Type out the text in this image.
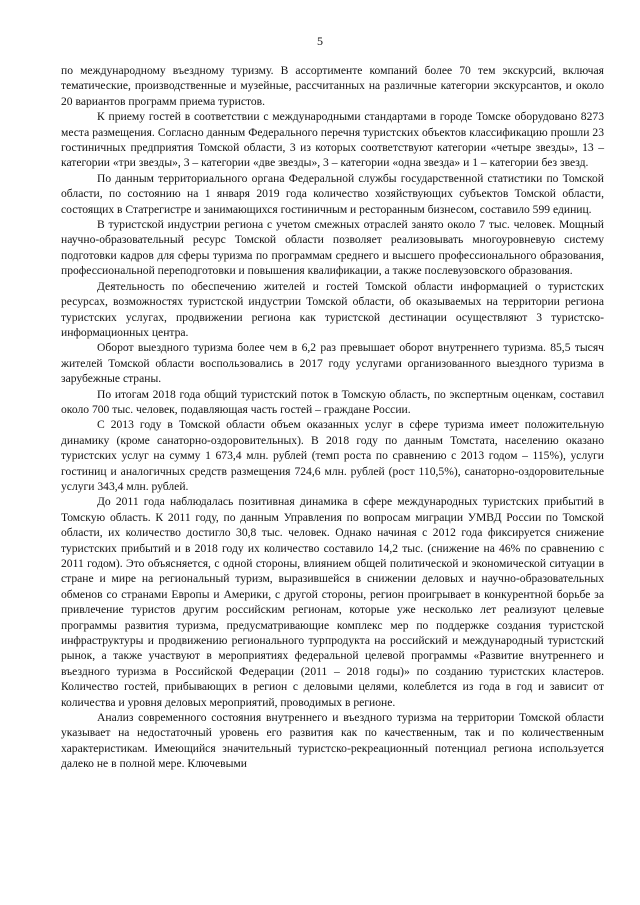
5

по международному въездному туризму. В ассортименте компаний более 70 тем экскурсий, включая тематические, производственные и музейные, рассчитанных на различные категории экскурсантов, и около 20 вариантов программ приема туристов.

К приему гостей в соответствии с международными стандартами в городе Томске оборудовано 8273 места размещения. Согласно данным Федерального перечня туристских объектов классификацию прошли 23 гостиничных предприятия Томской области, 3 из которых соответствуют категории «четыре звезды», 13 – категории «три звезды», 3 – категории «две звезды», 3 – категории «одна звезда» и 1 – категории без звезд.

По данным территориального органа Федеральной службы государственной статистики по Томской области, по состоянию на 1 января 2019 года количество хозяйствующих субъектов Томской области, состоящих в Статрегистре и занимающихся гостиничным и ресторанным бизнесом, составило 599 единиц.

В туристской индустрии региона с учетом смежных отраслей занято около 7 тыс. человек. Мощный научно-образовательный ресурс Томской области позволяет реализовывать многоуровневую систему подготовки кадров для сферы туризма по программам среднего и высшего профессионального образования, профессиональной переподготовки и повышения квалификации, а также послевузовского образования.

Деятельность по обеспечению жителей и гостей Томской области информацией о туристских ресурсах, возможностях туристской индустрии Томской области, об оказываемых на территории региона туристских услугах, продвижении региона как туристской дестинации осуществляют 3 туристско-информационных центра.

Оборот выездного туризма более чем в 6,2 раз превышает оборот внутреннего туризма. 85,5 тысяч жителей Томской области воспользовались в 2017 году услугами организованного выездного туризма в зарубежные страны.

По итогам 2018 года общий туристский поток в Томскую область, по экспертным оценкам, составил около 700 тыс. человек, подавляющая часть гостей – граждане России.

С 2013 году в Томской области объем оказанных услуг в сфере туризма имеет положительную динамику (кроме санаторно-оздоровительных). В 2018 году по данным Томстата, населению оказано туристских услуг на сумму 1 673,4 млн. рублей (темп роста по сравнению с 2013 годом – 115%), услуги гостиниц и аналогичных средств размещения 724,6 млн. рублей (рост 110,5%), санаторно-оздоровительные услуги 343,4 млн. рублей.

До 2011 года наблюдалась позитивная динамика в сфере международных туристских прибытий в Томскую область. К 2011 году, по данным Управления по вопросам миграции УМВД России по Томской области, их количество достигло 30,8 тыс. человек. Однако начиная с 2012 года фиксируется снижение туристских прибытий и в 2018 году их количество составило 14,2 тыс. (снижение на 46% по сравнению с 2011 годом). Это объясняется, с одной стороны, влиянием общей политической и экономической ситуации в стране и мире на региональный туризм, выразившейся в снижении деловых и научно-образовательных обменов со странами Европы и Америки, с другой стороны, регион проигрывает в конкурентной борьбе за привлечение туристов другим российским регионам, которые уже несколько лет реализуют целевые программы развития туризма, предусматривающие комплекс мер по поддержке создания туристской инфраструктуры и продвижению регионального турпродукта на российский и международный туристский рынок, а также участвуют в мероприятиях федеральной целевой программы «Развитие внутреннего и въездного туризма в Российской Федерации (2011 – 2018 годы)» по созданию туристских кластеров. Количество гостей, прибывающих в регион с деловыми целями, колеблется из года в год и зависит от количества и уровня деловых мероприятий, проводимых в регионе.

Анализ современного состояния внутреннего и въездного туризма на территории Томской области указывает на недостаточный уровень его развития как по качественным, так и по количественным характеристикам. Имеющийся значительный туристско-рекреационный потенциал региона используется далеко не в полной мере. Ключевыми
